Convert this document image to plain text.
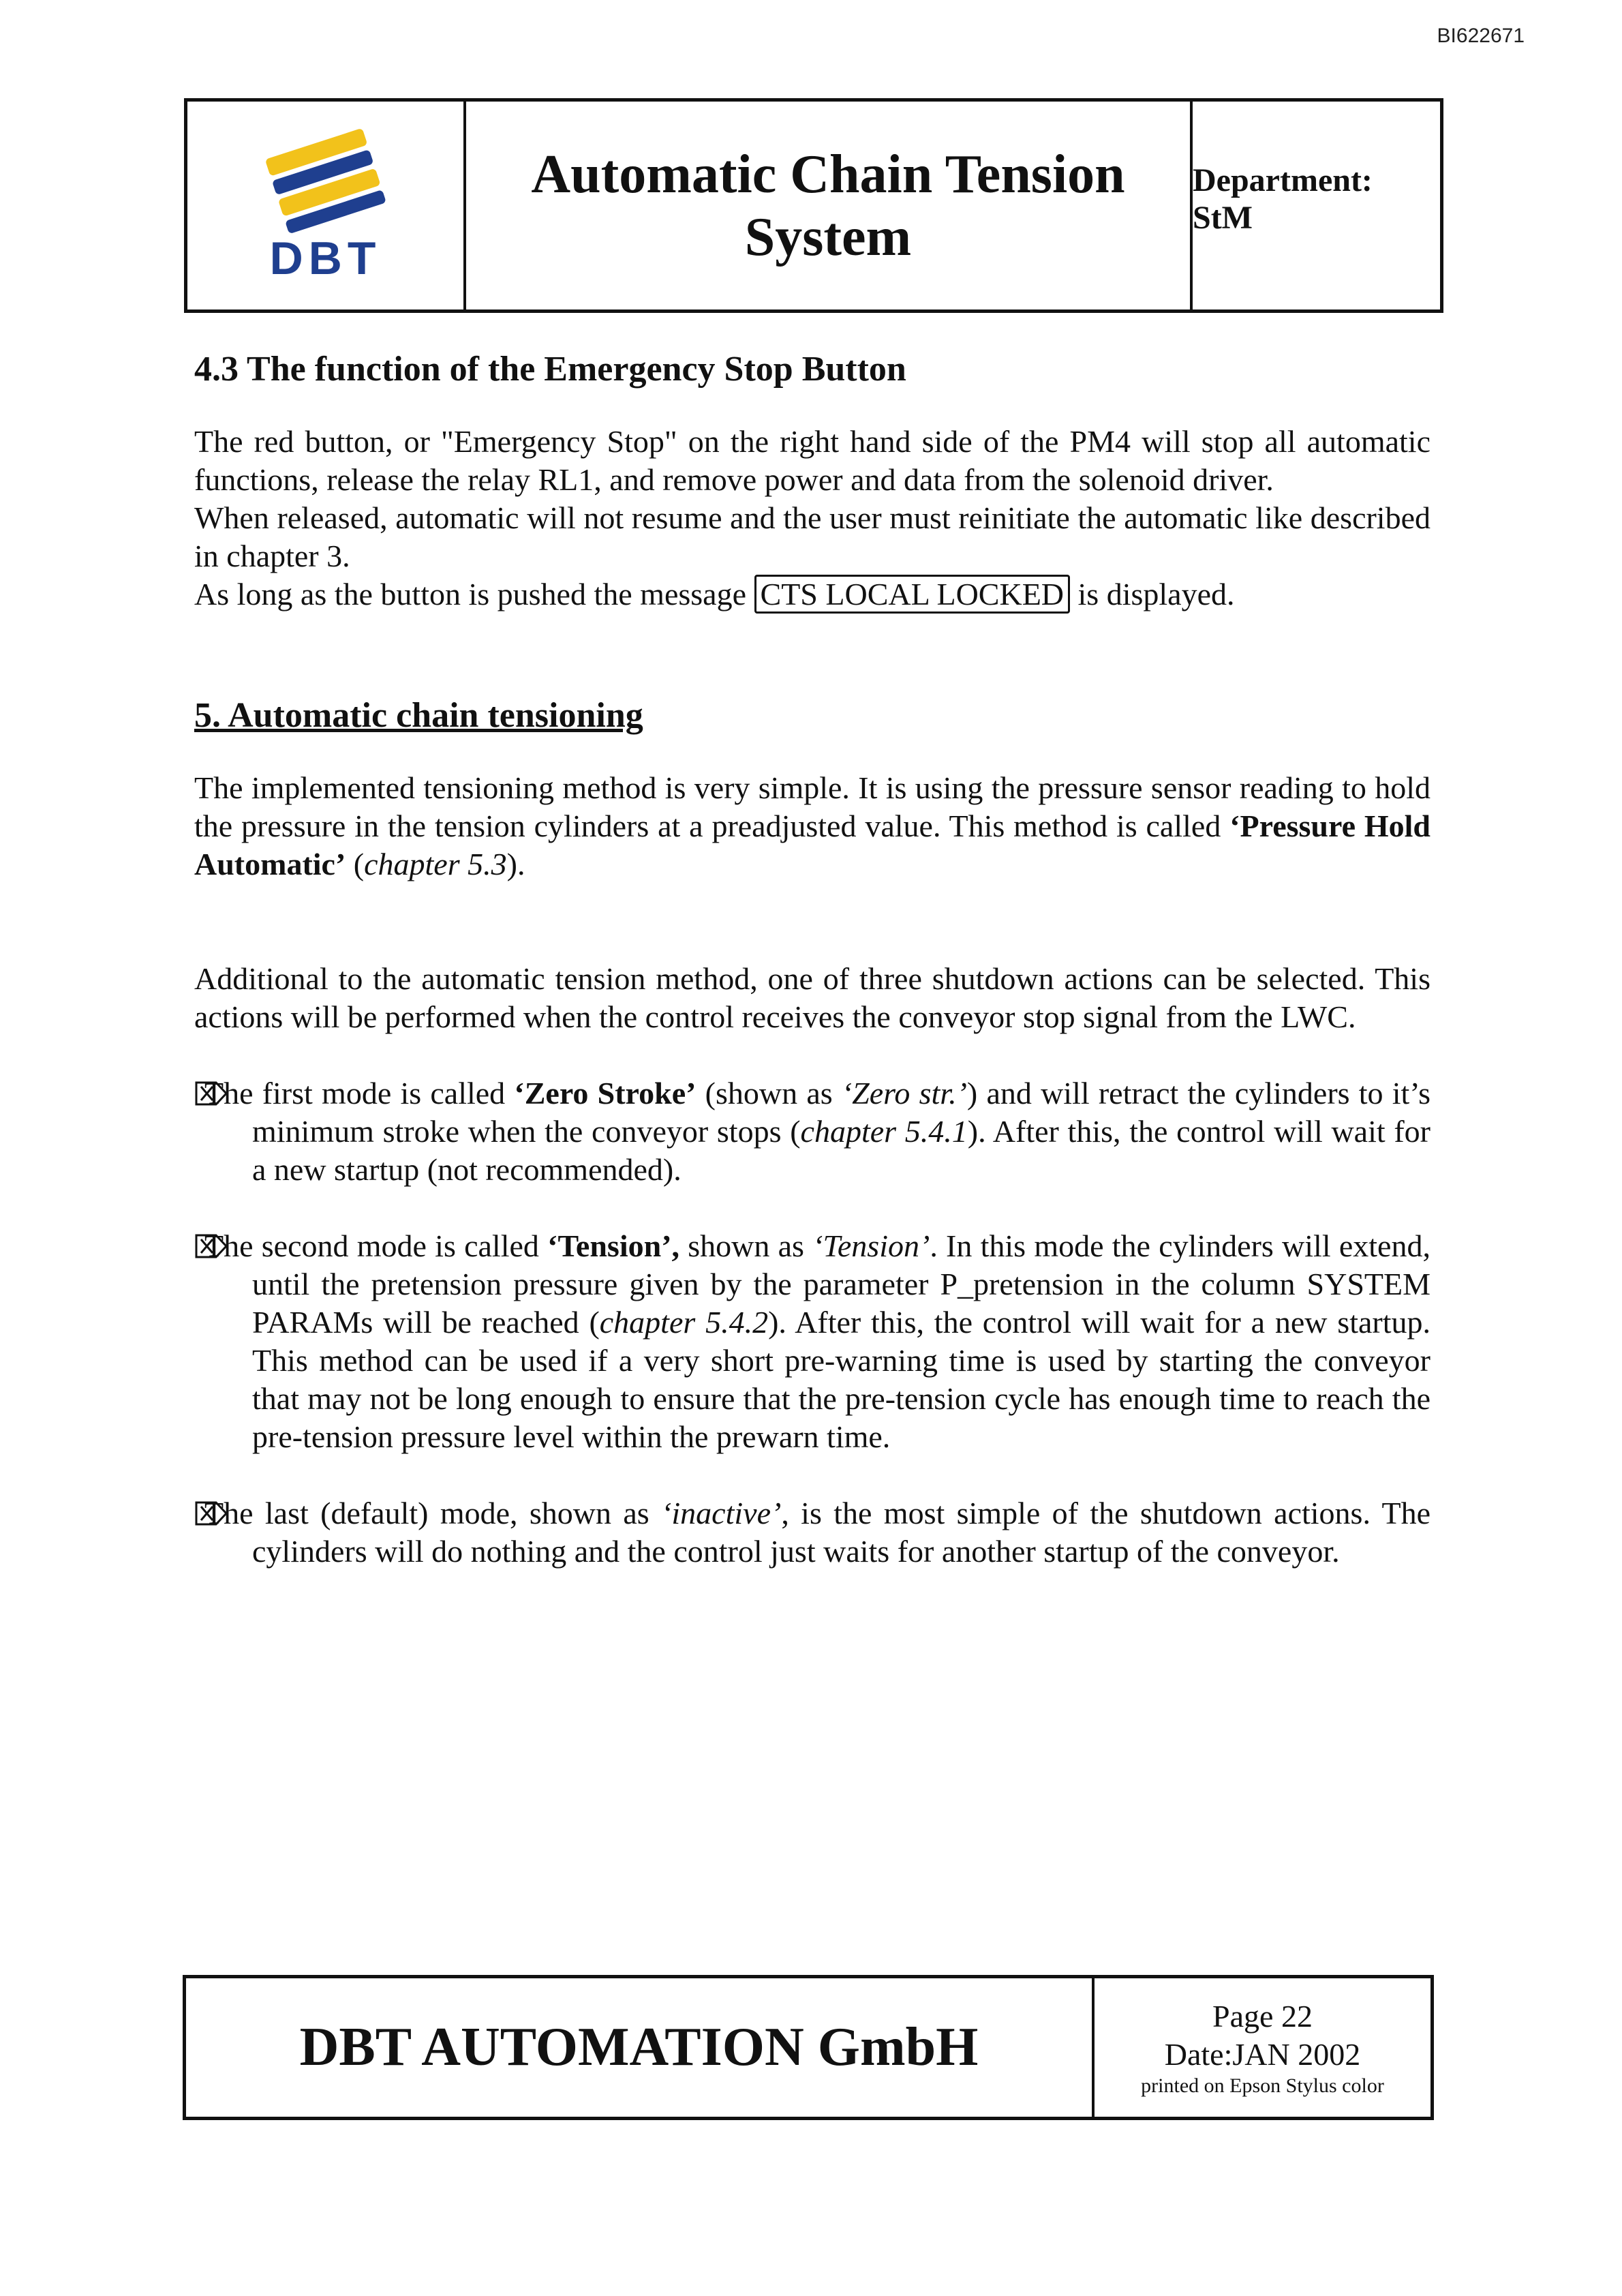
BI622671
DBT
Automatic Chain Tension
System
Department: StM
4.3 The function of the Emergency Stop Button

The red button, or "Emergency Stop" on the right hand side of the PM4 will stop all automatic functions, release the relay RL1, and remove power and data from the solenoid driver.

When released, automatic will not resume and the user must reinitiate the automatic like described in chapter 3.

As long as the button is pushed the message CTS LOCAL LOCKED is displayed.

5. Automatic chain tensioning

The implemented tensioning method is very simple. It is using the pressure sensor reading to hold the pressure in the tension cylinders at a preadjusted value. This method is called ‘Pressure Hold Automatic’ (chapter 5.3).

Additional to the automatic tension method, one of three shutdown actions can be selected. This actions will be performed when the control receives the conveyor stop signal from the LWC.

The first mode is called ‘Zero Stroke’ (shown as ‘Zero str.’) and will retract the cylinders to it’s minimum stroke when the conveyor stops (chapter 5.4.1). After this, the control will wait for a new startup (not recommended).
The second mode is called ‘Tension’, shown as ‘Tension’. In this mode the cylinders will extend, until the pretension pressure given by the parameter P_pretension in the column SYSTEM PARAMs will be reached (chapter 5.4.2). After this, the control will wait for a new startup. This method can be used if a very short pre-warning time is used by starting the conveyor that may not be long enough to ensure that the pre-tension cycle has enough time to reach the pre-tension pressure level within the prewarn time.
The last (default) mode, shown as ‘inactive’, is the most simple of the shutdown actions. The cylinders will do nothing and the control just waits for another startup of the conveyor.
DBT AUTOMATION GmbH
Page 22
Date:JAN 2002
printed on Epson Stylus color
